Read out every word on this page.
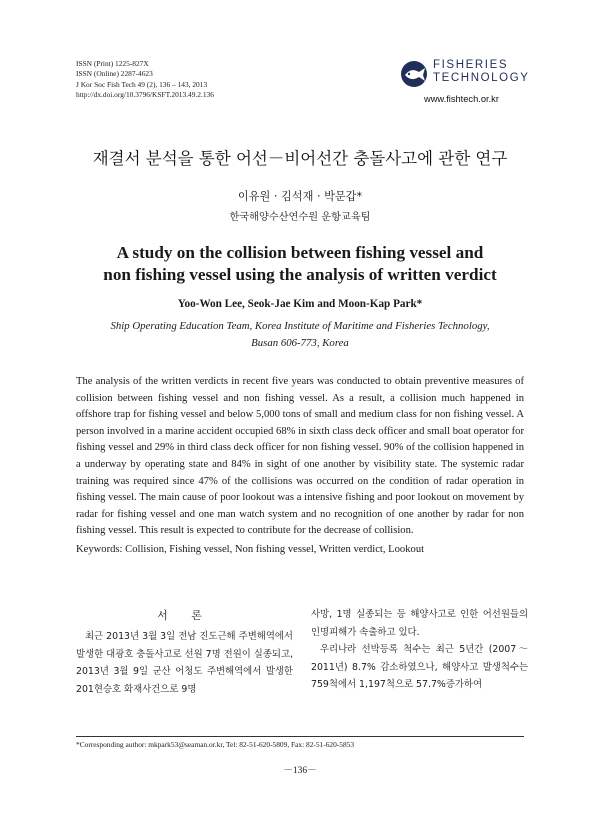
ISSN (Print) 1225-827X
ISSN (Online) 2287-4623
J Kor Soc Fish Tech 49 (2), 136 – 143, 2013
http://dx.doi.org/10.3796/KSFT.2013.49.2.136
FISHERIES
TECHNOLOGY
www.fishtech.or.kr
재결서 분석을 통한 어선－비어선간 충돌사고에 관한 연구
이유원 · 김석재 · 박문갑*
한국해양수산연수원 운항교육팀
A study on the collision between fishing vessel and
non fishing vessel using the analysis of written verdict
Yoo-Won Lee, Seok-Jae Kim and Moon-Kap Park*
Ship Operating Education Team, Korea Institute of Maritime and Fisheries Technology,
Busan 606-773, Korea
The analysis of the written verdicts in recent five years was conducted to obtain preventive measures of collision between fishing vessel and non fishing vessel. As a result, a collision much happened in offshore trap for fishing vessel and below 5,000 tons of small and medium class for non fishing vessel. A person involved in a marine accident occupied 68% in sixth class deck officer and small boat operator for fishing vessel and 29% in third class deck officer for non fishing vessel. 90% of the collision happened in a underway by operating state and 84% in sight of one another by visibility state. The systemic radar training was required since 47% of the collisions was occurred on the condition of radar operation in fishing vessel. The main cause of poor lookout was a intensive fishing and poor lookout on movement by radar for fishing vessel and one man watch system and no recognition of one another by radar for non fishing vessel. This result is expected to contribute for the decrease of collision.
Keywords: Collision, Fishing vessel, Non fishing vessel, Written verdict, Lookout
서 론

최근 2013년 3월 3일 전남 진도근해 주변해역에서 발생한 대광호 충돌사고로 선원 7명 전원이 실종되고, 2013년 3월 9일 군산 어청도 주변해역에서 발생한 201현승호 화재사건으로 9명

사망, 1명 실종되는 등 해양사고로 인한 어선원들의 인명피해가 속출하고 있다.

우리나라 선박등록 척수는 최근 5년간 (2007～2011년) 8.7% 감소하였으나, 해양사고 발생척수는 759척에서 1,197척으로 57.7%증가하여

*Corresponding author: mkpark53@seaman.or.kr, Tel: 82-51-620-5809, Fax: 82-51-620-5853
－136－
